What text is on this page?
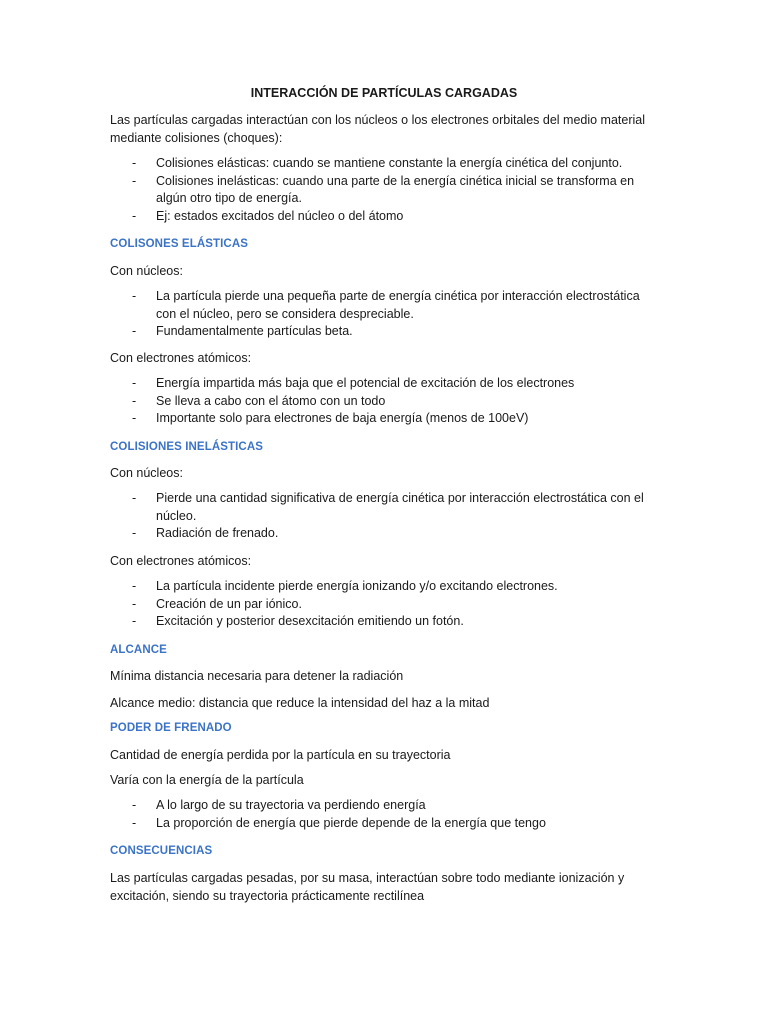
INTERACCIÓN DE PARTÍCULAS CARGADAS
Las partículas cargadas interactúan con los núcleos o los electrones orbitales del medio material mediante colisiones (choques):
- Colisiones elásticas: cuando se mantiene constante la energía cinética del conjunto.
- Colisiones inelásticas: cuando una parte de la energía cinética inicial se transforma en algún otro tipo de energía.
- Ej: estados excitados del núcleo o del átomo
COLISONES ELÁSTICAS
Con núcleos:
- La partícula pierde una pequeña parte de energía cinética por interacción electrostática con el núcleo, pero se considera despreciable.
- Fundamentalmente partículas beta.
Con electrones atómicos:
- Energía impartida más baja que el potencial de excitación de los electrones
- Se lleva a cabo con el átomo con un todo
- Importante solo para electrones de baja energía (menos de 100eV)
COLISIONES INELÁSTICAS
Con núcleos:
- Pierde una cantidad significativa de energía cinética por interacción electrostática con el núcleo.
- Radiación de frenado.
Con electrones atómicos:
- La partícula incidente pierde energía ionizando y/o excitando electrones.
- Creación de un par iónico.
- Excitación y posterior desexcitación emitiendo un fotón.
ALCANCE
Mínima distancia necesaria para detener la radiación
Alcance medio: distancia que reduce la intensidad del haz a la mitad
PODER DE FRENADO
Cantidad de energía perdida por la partícula en su trayectoria
Varía con la energía de la partícula
- A lo largo de su trayectoria va perdiendo energía
- La proporción de energía que pierde depende de la energía que tengo
CONSECUENCIAS
Las partículas cargadas pesadas, por su masa, interactúan sobre todo mediante ionización y excitación, siendo su trayectoria prácticamente rectilínea
